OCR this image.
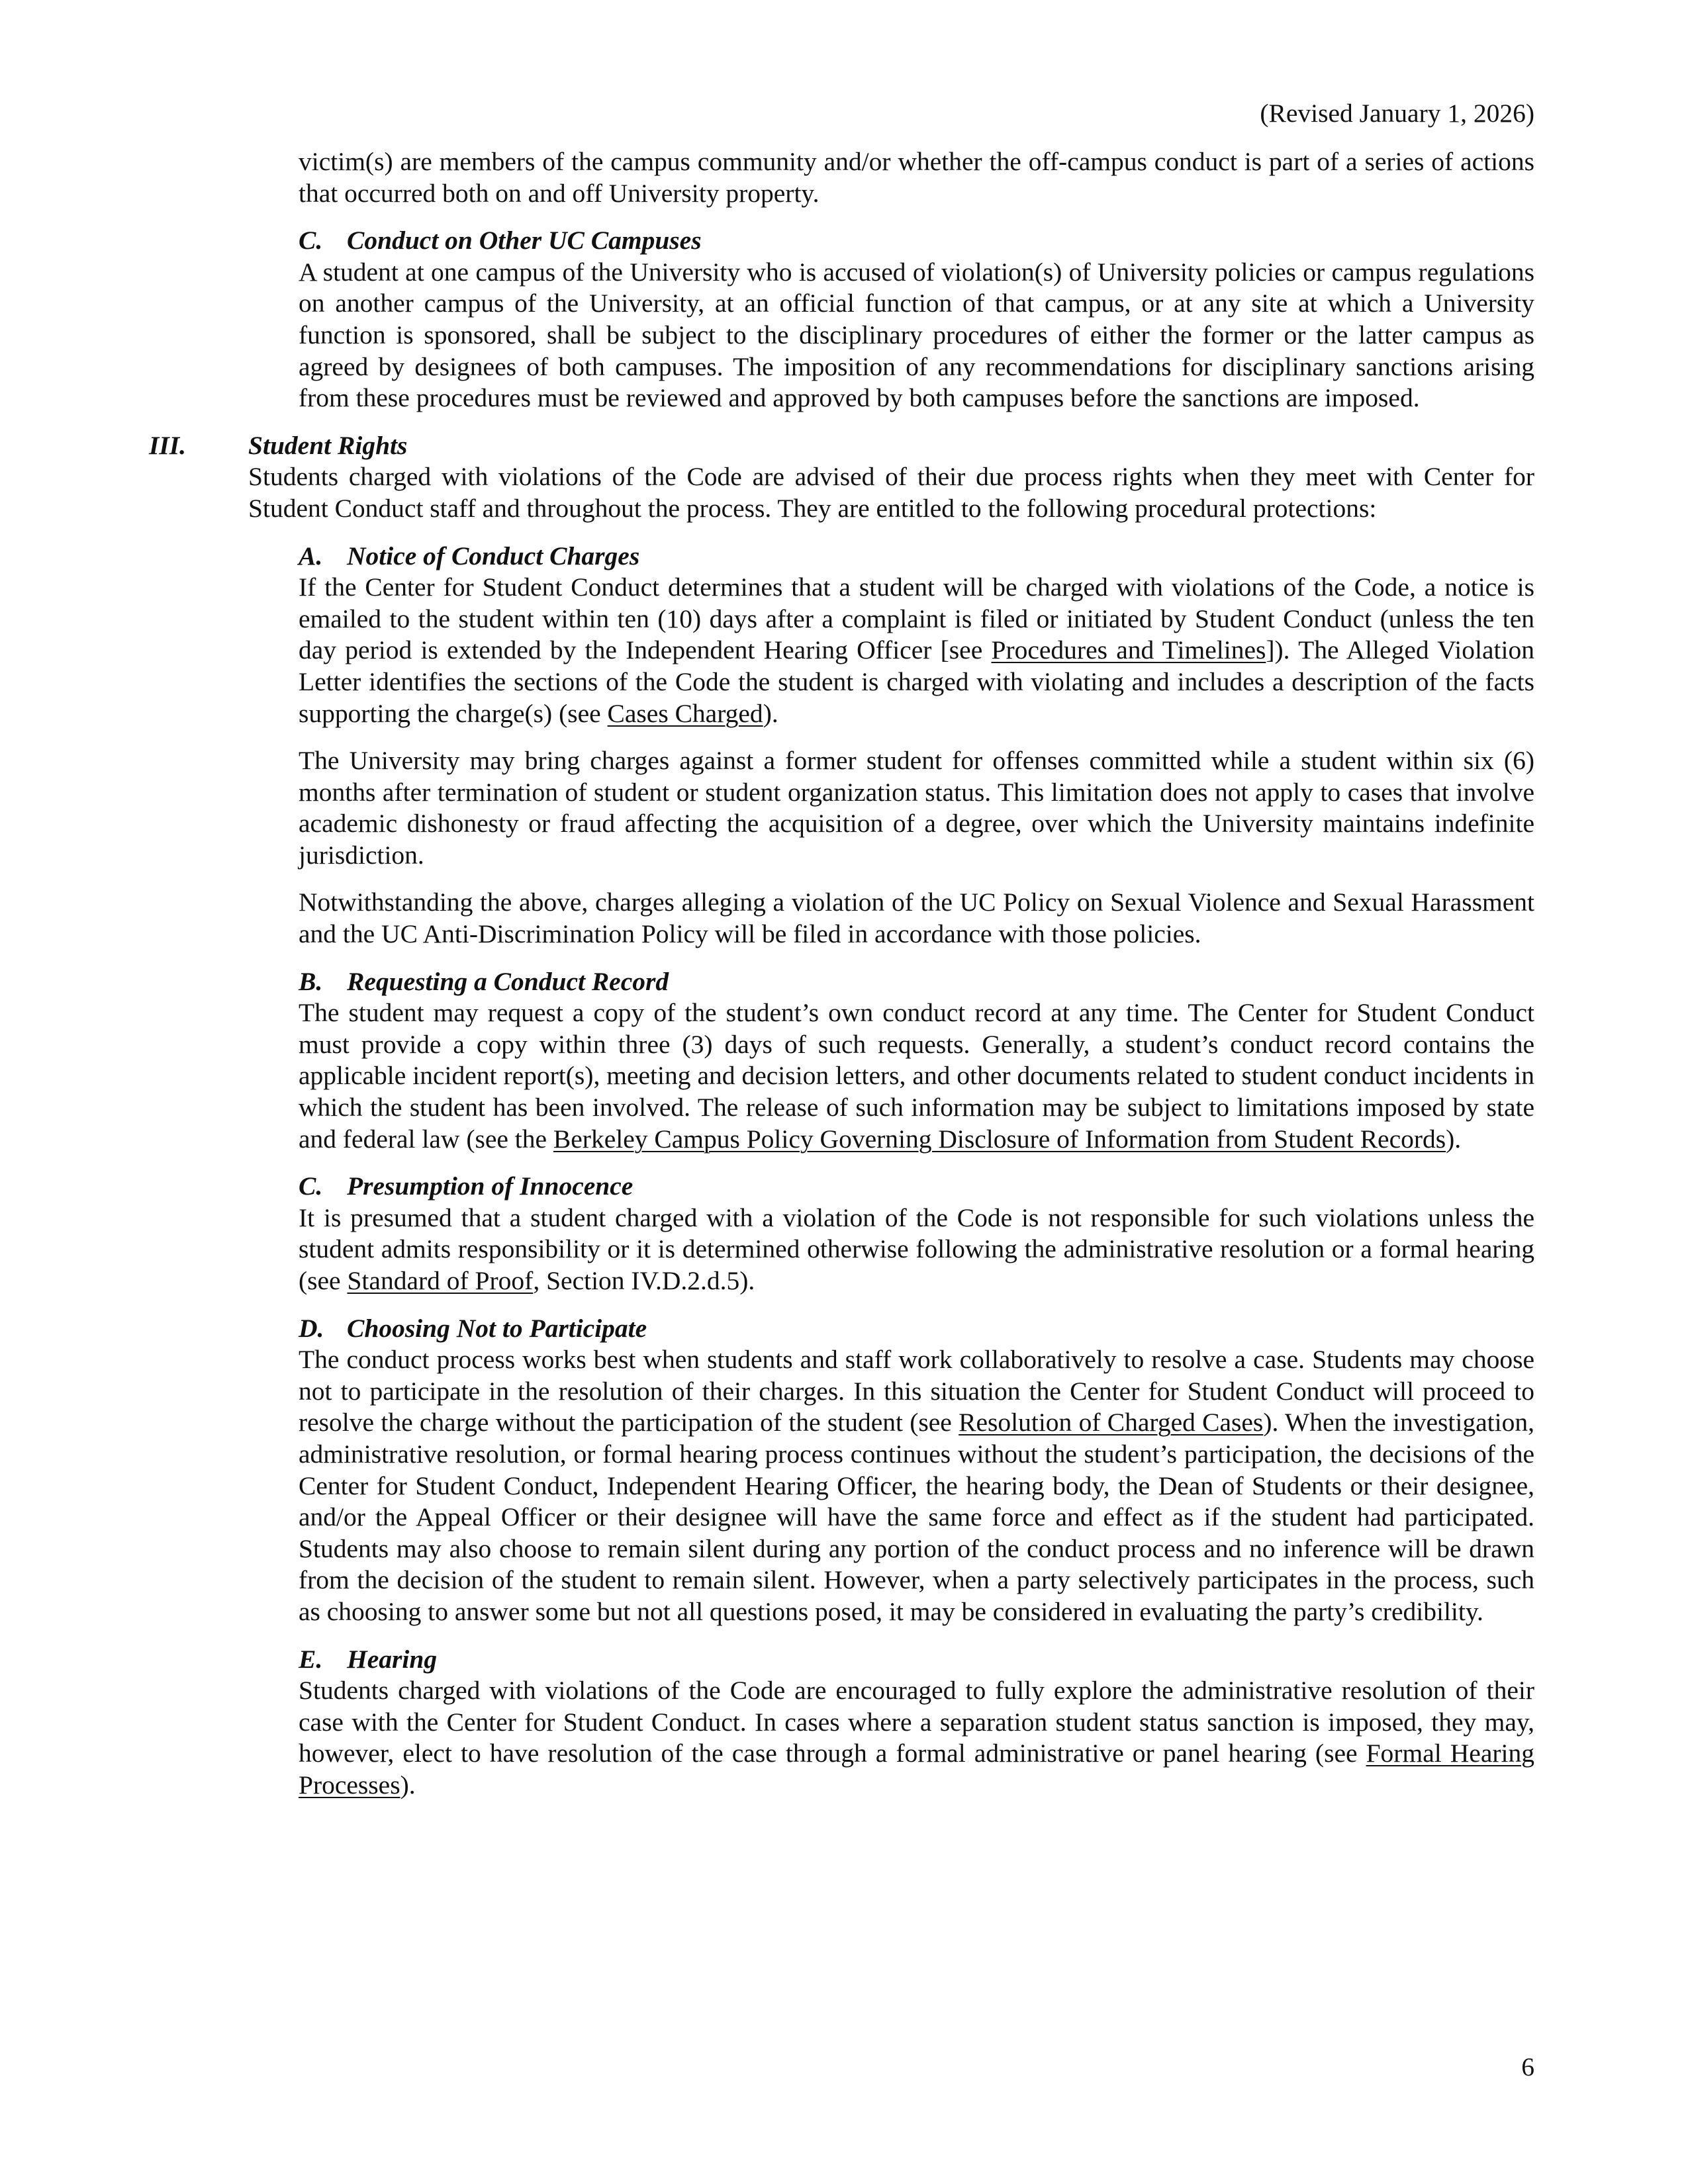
(Revised January 1, 2026)

victim(s) are members of the campus community and/or whether the off-campus conduct is part of a series of actions that occurred both on and off University property.

C. Conduct on Other UC Campuses

A student at one campus of the University who is accused of violation(s) of University policies or campus regulations on another campus of the University, at an official function of that campus, or at any site at which a University function is sponsored, shall be subject to the disciplinary procedures of either the former or the latter campus as agreed by designees of both campuses. The imposition of any recommendations for disciplinary sanctions arising from these procedures must be reviewed and approved by both campuses before the sanctions are imposed.

III. Student Rights

Students charged with violations of the Code are advised of their due process rights when they meet with Center for Student Conduct staff and throughout the process. They are entitled to the following procedural protections:

A. Notice of Conduct Charges

If the Center for Student Conduct determines that a student will be charged with violations of the Code, a notice is emailed to the student within ten (10) days after a complaint is filed or initiated by Student Conduct (unless the ten day period is extended by the Independent Hearing Officer [see Procedures and Timelines]). The Alleged Violation Letter identifies the sections of the Code the student is charged with violating and includes a description of the facts supporting the charge(s) (see Cases Charged).

The University may bring charges against a former student for offenses committed while a student within six (6) months after termination of student or student organization status. This limitation does not apply to cases that involve academic dishonesty or fraud affecting the acquisition of a degree, over which the University maintains indefinite jurisdiction.

Notwithstanding the above, charges alleging a violation of the UC Policy on Sexual Violence and Sexual Harassment and the UC Anti-Discrimination Policy will be filed in accordance with those policies.

B. Requesting a Conduct Record

The student may request a copy of the student’s own conduct record at any time. The Center for Student Conduct must provide a copy within three (3) days of such requests. Generally, a student’s conduct record contains the applicable incident report(s), meeting and decision letters, and other documents related to student conduct incidents in which the student has been involved. The release of such information may be subject to limitations imposed by state and federal law (see the Berkeley Campus Policy Governing Disclosure of Information from Student Records).

C. Presumption of Innocence

It is presumed that a student charged with a violation of the Code is not responsible for such violations unless the student admits responsibility or it is determined otherwise following the administrative resolution or a formal hearing (see Standard of Proof, Section IV.D.2.d.5).

D. Choosing Not to Participate

The conduct process works best when students and staff work collaboratively to resolve a case. Students may choose not to participate in the resolution of their charges. In this situation the Center for Student Conduct will proceed to resolve the charge without the participation of the student (see Resolution of Charged Cases). When the investigation, administrative resolution, or formal hearing process continues without the student’s participation, the decisions of the Center for Student Conduct, Independent Hearing Officer, the hearing body, the Dean of Students or their designee, and/or the Appeal Officer or their designee will have the same force and effect as if the student had participated. Students may also choose to remain silent during any portion of the conduct process and no inference will be drawn from the decision of the student to remain silent. However, when a party selectively participates in the process, such as choosing to answer some but not all questions posed, it may be considered in evaluating the party’s credibility.

E. Hearing

Students charged with violations of the Code are encouraged to fully explore the administrative resolution of their case with the Center for Student Conduct. In cases where a separation student status sanction is imposed, they may, however, elect to have resolution of the case through a formal administrative or panel hearing (see Formal Hearing Processes).

6
